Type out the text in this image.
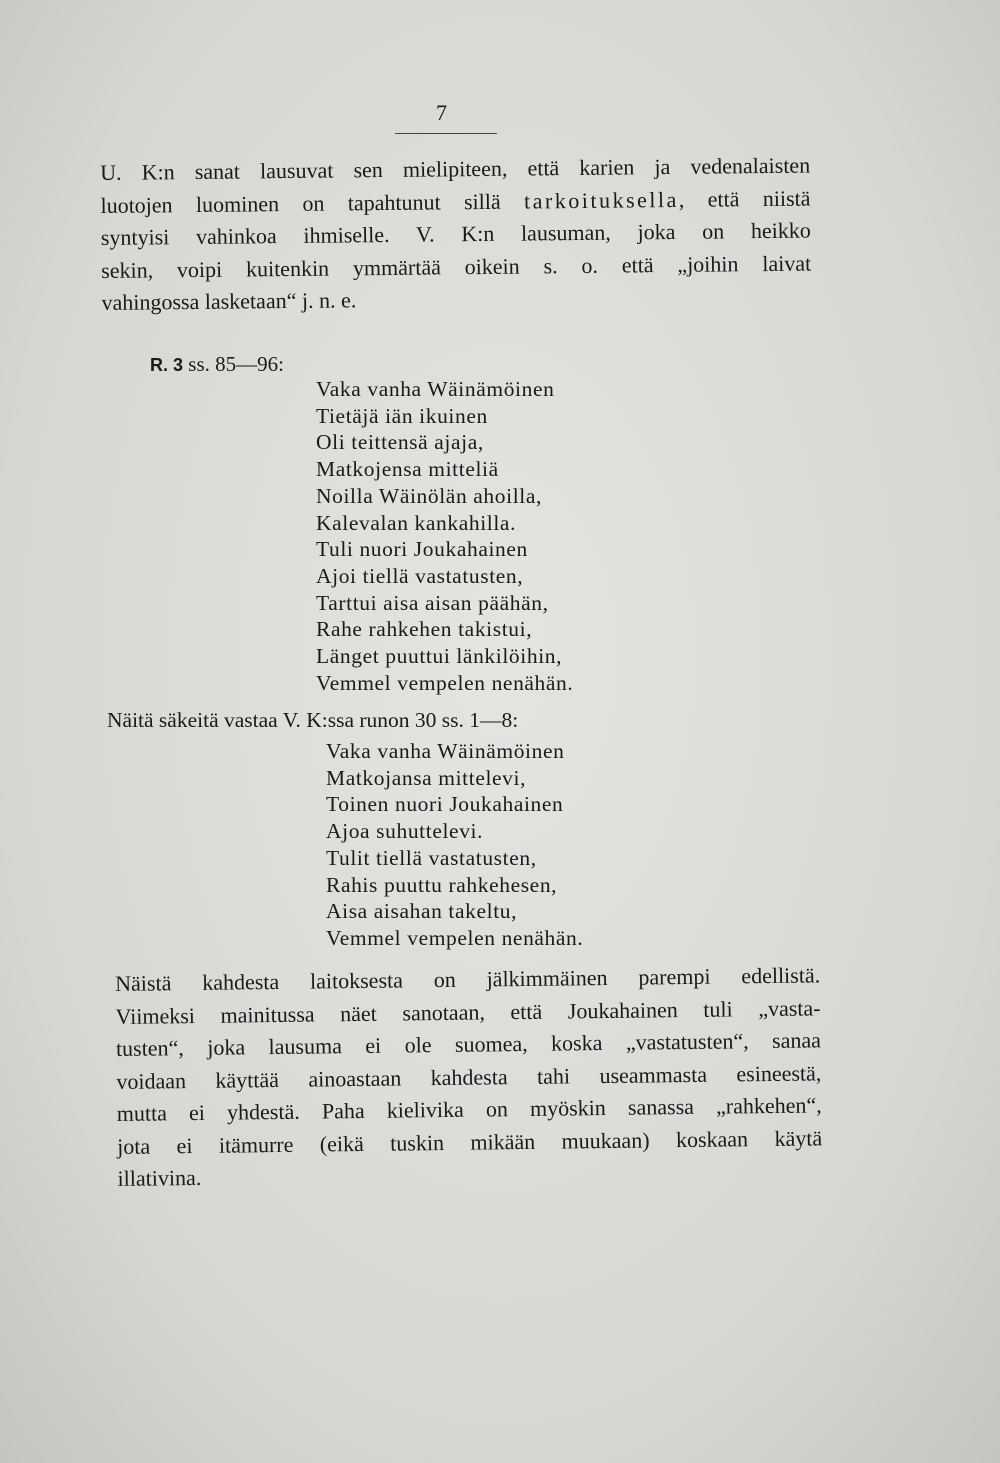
7

U. K:n sanat lausuvat sen mielipiteen, että karien ja vedenalaisten
luotojen luominen on tapahtunut sillä tarkoituksella, että niistä
syntyisi vahinkoa ihmiselle. V. K:n lausuman, joka on heikko
sekin, voipi kuitenkin ymmärtää oikein s. o. että „joihin laivat
vahingossa lasketaan“ j. n. e.

R. 3 ss. 85—96:
Vaka vanha Wäinämöinen
Tietäjä iän ikuinen
Oli teittensä ajaja,
Matkojensa mitteliä
Noilla Wäinölän ahoilla,
Kalevalan kankahilla.
Tuli nuori Joukahainen
Ajoi tiellä vastatusten,
Tarttui aisa aisan päähän,
Rahe rahkehen takistui,
Länget puuttui länkilöihin,
Vemmel vempelen nenähän.
Näitä säkeitä vastaa V. K:ssa runon 30 ss. 1—8:
Vaka vanha Wäinämöinen
Matkojansa mittelevi,
Toinen nuori Joukahainen
Ajoa suhuttelevi.
Tulit tiellä vastatusten,
Rahis puuttu rahkehesen,
Aisa aisahan takeltu,
Vemmel vempelen nenähän.

Näistä kahdesta laitoksesta on jälkimmäinen parempi edellistä.
Viimeksi mainitussa näet sanotaan, että Joukahainen tuli „vasta-
tusten“, joka lausuma ei ole suomea, koska „vastatusten“, sanaa
voidaan käyttää ainoastaan kahdesta tahi useammasta esineestä,
mutta ei yhdestä. Paha kielivika on myöskin sanassa „rahkehen“,
jota ei itämurre (eikä tuskin mikään muukaan) koskaan käytä
illativina.
